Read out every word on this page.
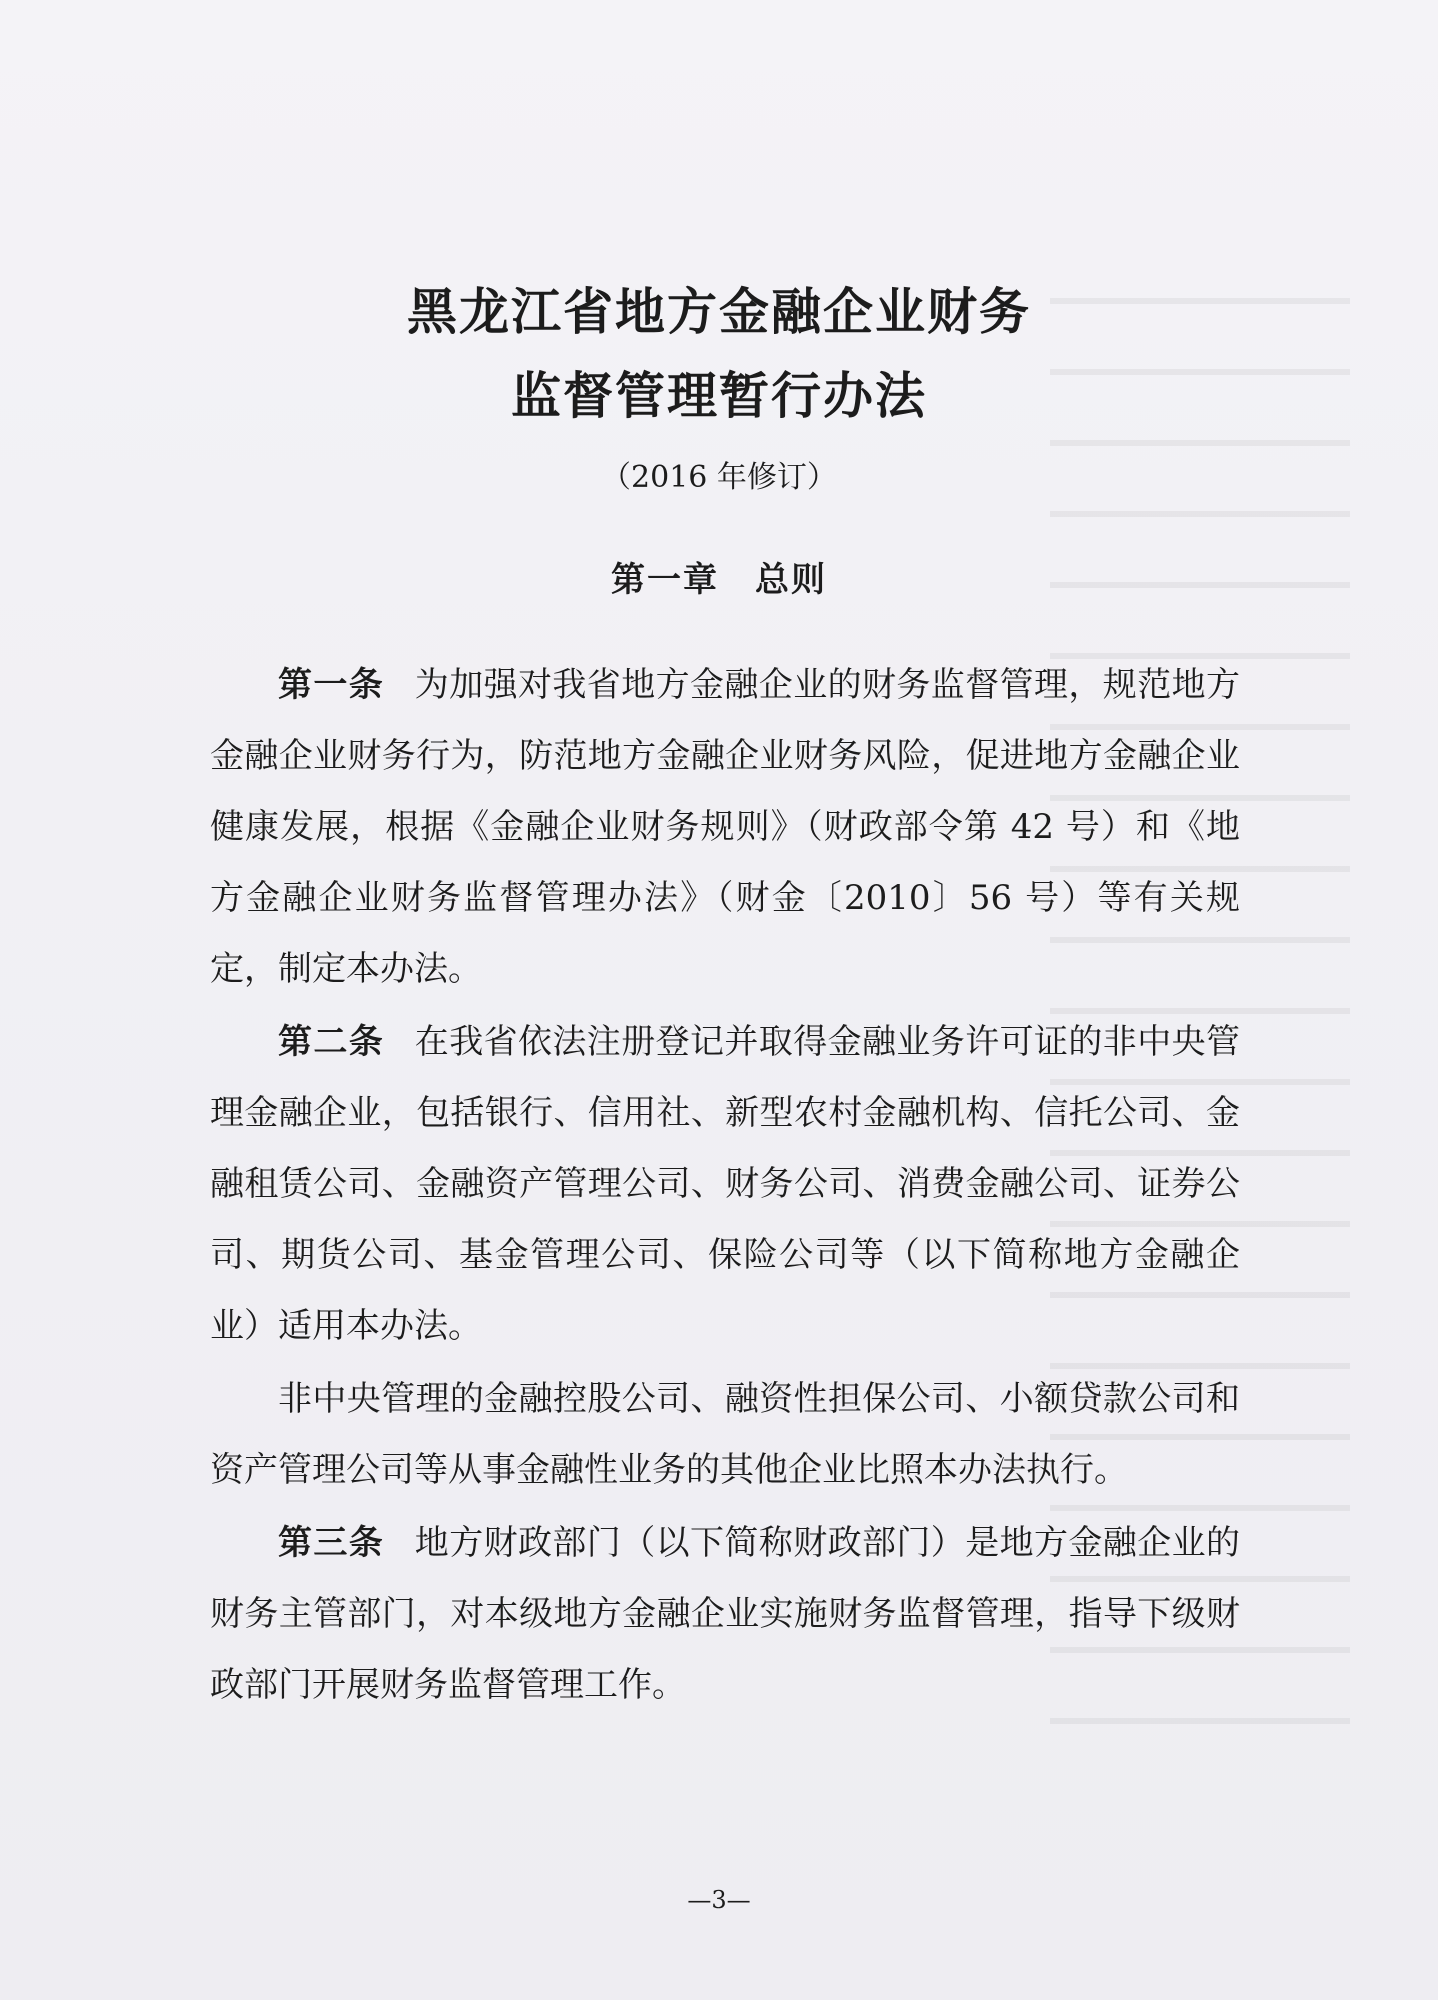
黑龙江省地方金融企业财务
监督管理暂行办法
（2016 年修订）
第一章　总则

第一条 为加强对我省地方金融企业的财务监督管理，规范地方金融企业财务行为，防范地方金融企业财务风险，促进地方金融企业健康发展，根据《金融企业财务规则》（财政部令第 42 号）和《地方金融企业财务监督管理办法》（财金〔2010〕56 号）等有关规定，制定本办法。

第二条 在我省依法注册登记并取得金融业务许可证的非中央管理金融企业，包括银行、信用社、新型农村金融机构、信托公司、金融租赁公司、金融资产管理公司、财务公司、消费金融公司、证券公司、期货公司、基金管理公司、保险公司等（以下简称地方金融企业）适用本办法。

非中央管理的金融控股公司、融资性担保公司、小额贷款公司和资产管理公司等从事金融性业务的其他企业比照本办法执行。

第三条 地方财政部门（以下简称财政部门）是地方金融企业的财务主管部门，对本级地方金融企业实施财务监督管理，指导下级财政部门开展财务监督管理工作。

—3—
